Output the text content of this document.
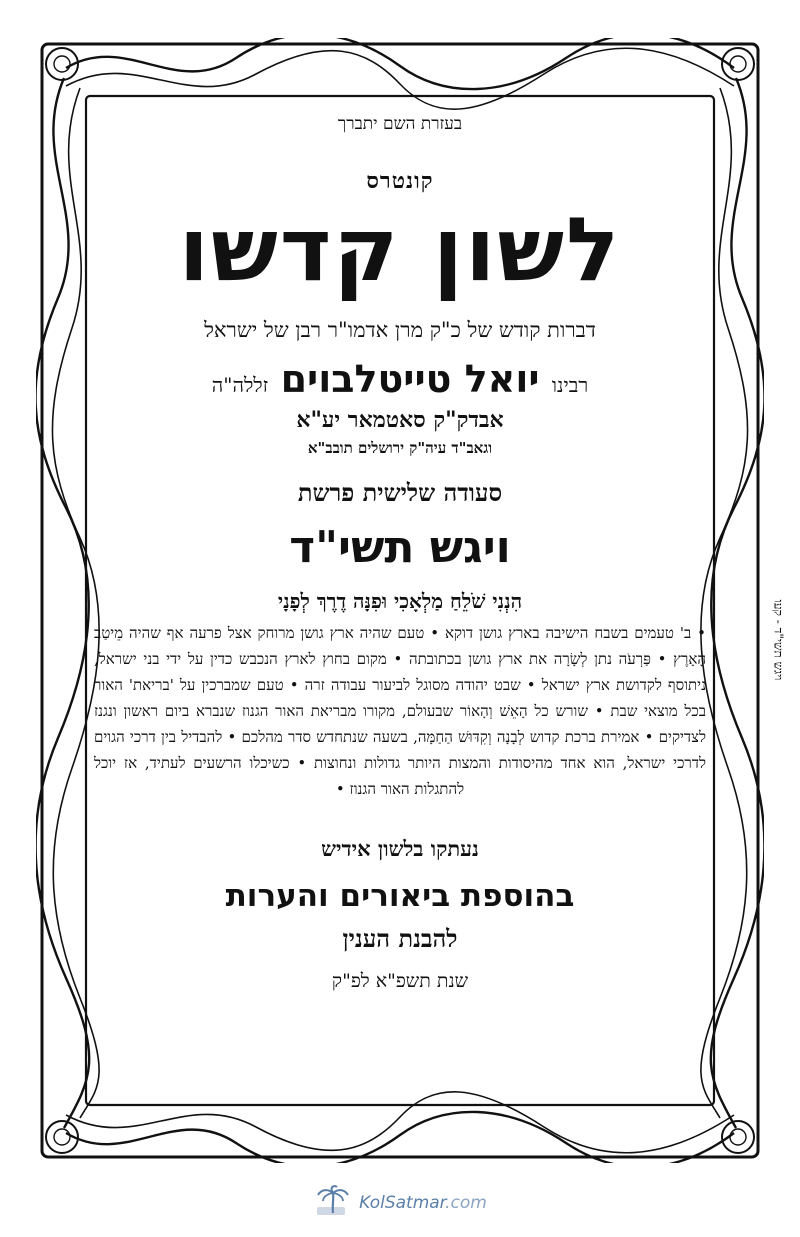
בעזרת השם יתברך
קונטרס
לשון קדשו
דברות קודש של כ"ק מרן אדמו"ר רבן של ישראל
רבינו יואל טייטלבוים זללה"ה
אבדק"ק סאטמאר יע"א
וגאב"ד עיה"ק ירושלים תובב"א
סעודה שלישית פרשת
ויגש תשי"ד
הִנְנִי שֹׁלֵחַ מַלְאָכִי וּפִנָּה דֶרֶךְ לְפָנָי
• ב' טעמים בשבח הישיבה בארץ גושן דוקא • טעם שהיה ארץ גושן מרוחק אצל פרעה אף שהיה מֵיטַב הָאָרֶץ • פַּרְעֹה נתן לְשָׂרָה את ארץ גושן בכתובתה • מקום בחוץ לארץ הנכבש כדין על ידי בני ישראל, ניתוסף לקדושת ארץ ישראל • שבט יהודה מסוגל לביעור עבודה זרה • טעם שמברכין על 'בריאת' האור בכל מוצאי שבת • שורש כל הָאֵשׁ וְהָאוֹר שבעולם, מקורו מבריאת האור הגנוז שנברא ביום ראשון ונגנז לצדיקים • אמירת ברכת קדוש לְבָנָה וְקִדּוּשׁ הַחַמָּה, בשעה שנתחדש סדר מהלכם • להבדיל בין דרכי הגוים לדרכי ישראל, הוא אחד מהיסודות והמצות היותר גדולות ונחוצות • כשיכלו הרשעים לעתיד, אז יוכל להתגלות האור הגנוז •
נעתקו בלשון אידיש
בהוספת ביאורים והערות
להבנת הענין
שנת תשפ"א לפ"ק
ויגש תשי"ד - קעו
KolSatmar.com
